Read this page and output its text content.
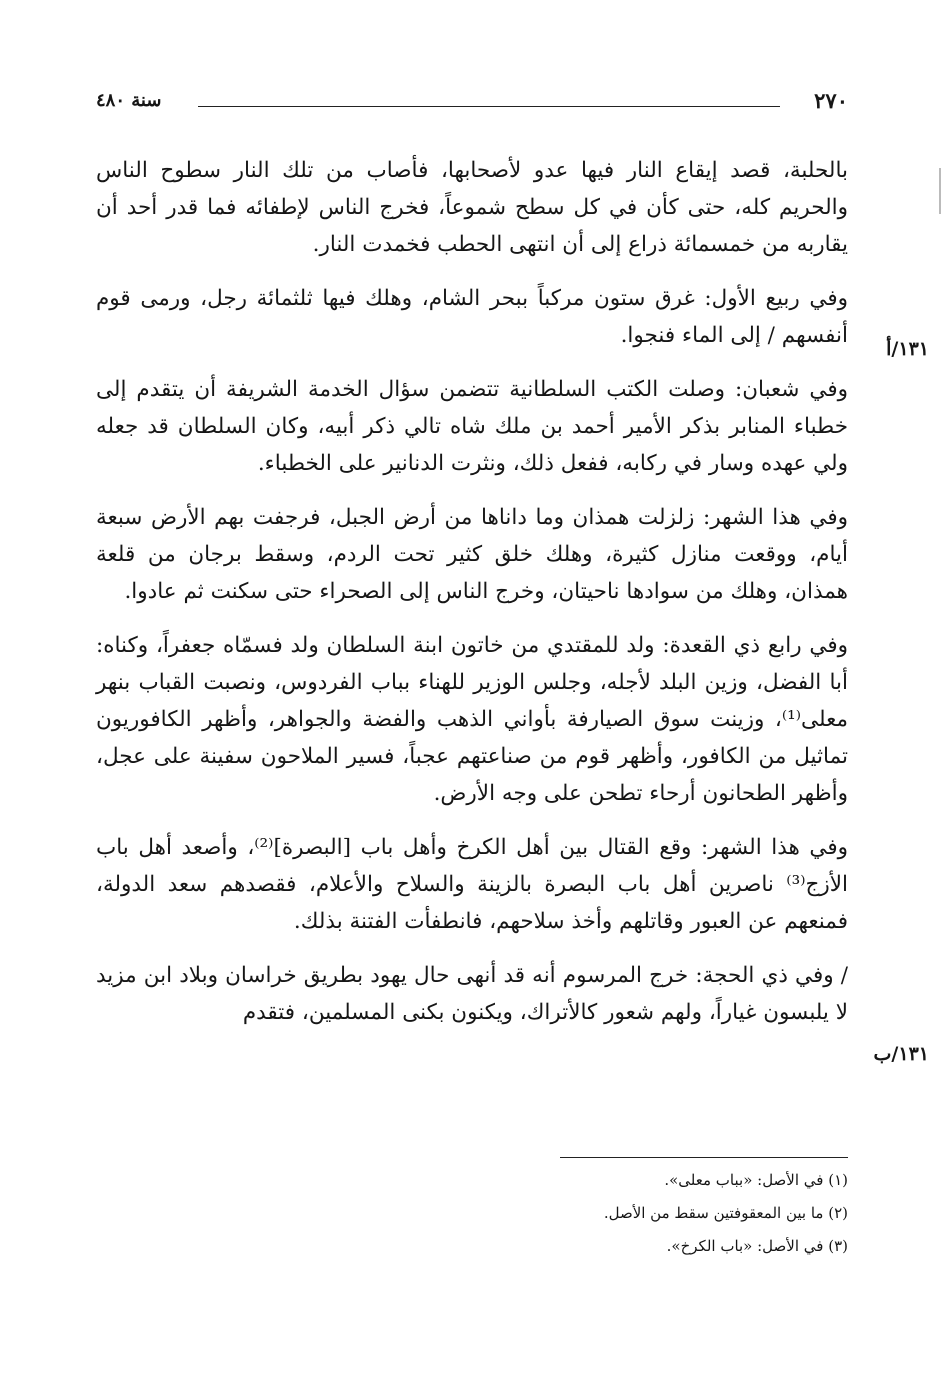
٢٧٠
سنة ٤٨٠
١٣١/أ
١٣١/ب

بالحلبة، قصد إيقاع النار فيها عدو لأصحابها، فأصاب من تلك النار سطوح الناس والحريم كله، حتى كأن في كل سطح شموعاً، فخرج الناس لإطفائه فما قدر أحد أن يقاربه من خمسمائة ذراع إلى أن انتهى الحطب فخمدت النار.

وفي ربيع الأول: غرق ستون مركباً ببحر الشام، وهلك فيها ثلثمائة رجل، ورمى قوم أنفسهم / إلى الماء فنجوا.

وفي شعبان: وصلت الكتب السلطانية تتضمن سؤال الخدمة الشريفة أن يتقدم إلى خطباء المنابر بذكر الأمير أحمد بن ملك شاه تالي ذكر أبيه، وكان السلطان قد جعله ولي عهده وسار في ركابه، ففعل ذلك، ونثرت الدنانير على الخطباء.

وفي هذا الشهر: زلزلت همذان وما داناها من أرض الجبل، فرجفت بهم الأرض سبعة أيام، ووقعت منازل كثيرة، وهلك خلق كثير تحت الردم، وسقط برجان من قلعة همذان، وهلك من سوادها ناحيتان، وخرج الناس إلى الصحراء حتى سكنت ثم عادوا.

وفي رابع ذي القعدة: ولد للمقتدي من خاتون ابنة السلطان ولد فسمّاه جعفراً، وكناه: أبا الفضل، وزين البلد لأجله، وجلس الوزير للهناء بباب الفردوس، ونصبت القباب بنهر معلى⁽¹⁾، وزينت سوق الصيارفة بأواني الذهب والفضة والجواهر، وأظهر الكافوريون تماثيل من الكافور، وأظهر قوم من صناعتهم عجباً، فسير الملاحون سفينة على عجل، وأظهر الطحانون أرحاء تطحن على وجه الأرض.

وفي هذا الشهر: وقع القتال بين أهل الكرخ وأهل باب [البصرة]⁽²⁾، وأصعد أهل باب الأزج⁽³⁾ ناصرين أهل باب البصرة بالزينة والسلاح والأعلام، فقصدهم سعد الدولة، فمنعهم عن العبور وقاتلهم وأخذ سلاحهم، فانطفأت الفتنة بذلك.

/ وفي ذي الحجة: خرج المرسوم أنه قد أنهى حال يهود بطريق خراسان وبلاد ابن مزيد لا يلبسون غياراً، ولهم شعور كالأتراك، ويكنون بكنى المسلمين، فتقدم

(١) في الأصل: «بباب معلى».
(٢) ما بين المعقوفتين سقط من الأصل.
(٣) في الأصل: «باب الكرخ».
